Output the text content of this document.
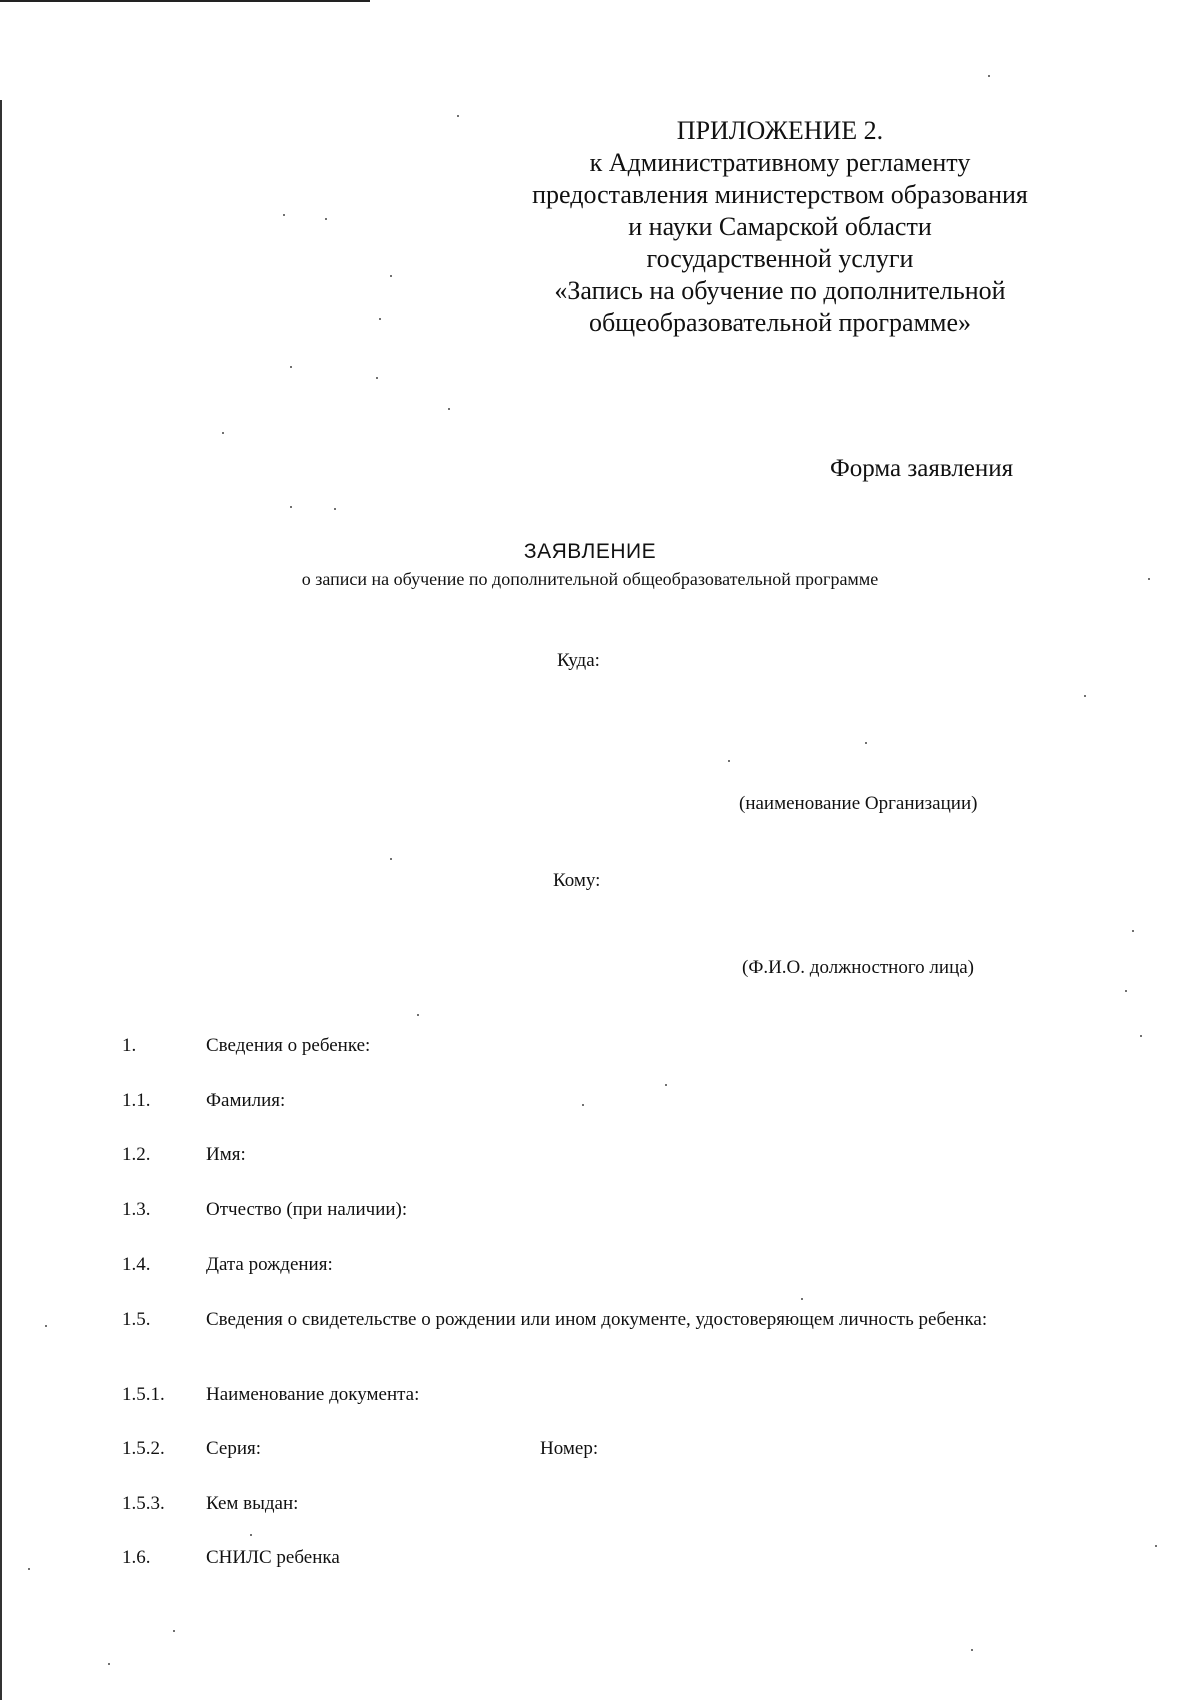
ПРИЛОЖЕНИЕ 2.
к Административному регламенту
предоставления министерством образования
и науки Самарской области
государственной услуги
«Запись на обучение по дополнительной
общеобразовательной программе»
Форма заявления
ЗАЯВЛЕНИЕ
о записи на обучение по дополнительной общеобразовательной программе
Куда:
(наименование Организации)
Кому:
(Ф.И.О. должностного лица)
1.	Сведения о ребенке:
1.1.	Фамилия:
1.2.	Имя:
1.3.	Отчество (при наличии):
1.4.	Дата рождения:
1.5.	Сведения о свидетельстве о рождении или ином документе, удостоверяющем личность ребенка:
1.5.1. Наименование документа:
1.5.2. Серия:	Номер:
1.5.3. Кем выдан:
1.6.	СНИЛС ребенка
